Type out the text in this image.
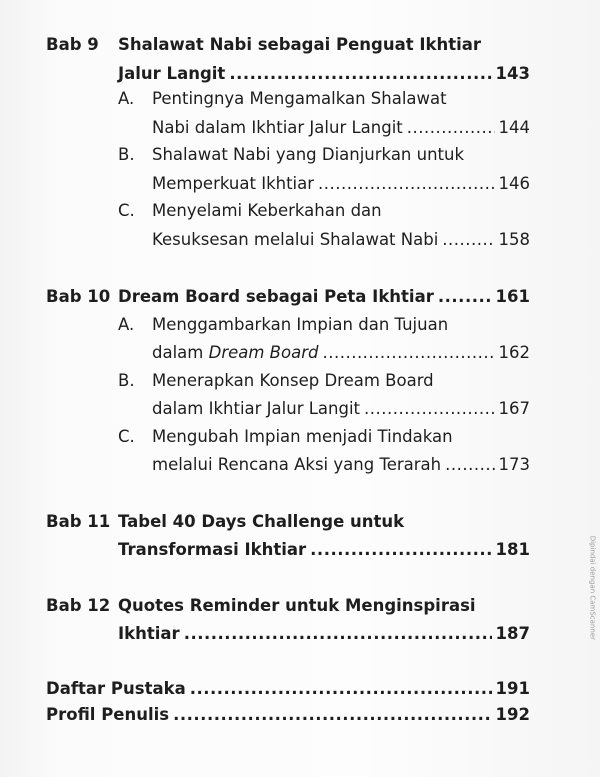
Bab 9 Shalawat Nabi sebagai Penguat Ikhtiar
Jalur Langit .....	143
A. Pentingnya Mengamalkan Shalawat
Nabi dalam Ikhtiar Jalur Langit .....	144
B. Shalawat Nabi yang Dianjurkan untuk
Memperkuat Ikhtiar .....	146
C. Menyelami Keberkahan dan
Kesuksesan melalui Shalawat Nabi .....	158
Bab 10 Dream Board sebagai Peta Ikhtiar .....	161
A. Menggambarkan Impian dan Tujuan
dalam Dream Board .....	162
B. Menerapkan Konsep Dream Board
dalam Ikhtiar Jalur Langit .....	167
C. Mengubah Impian menjadi Tindakan
melalui Rencana Aksi yang Terarah .....	173
Bab 11 Tabel 40 Days Challenge untuk
Transformasi Ikhtiar .....	181
Bab 12 Quotes Reminder untuk Menginspirasi
Ikhtiar .....	187
Daftar Pustaka .....	191
Profil Penulis .....	192
Dipindai dengan CamScanner
